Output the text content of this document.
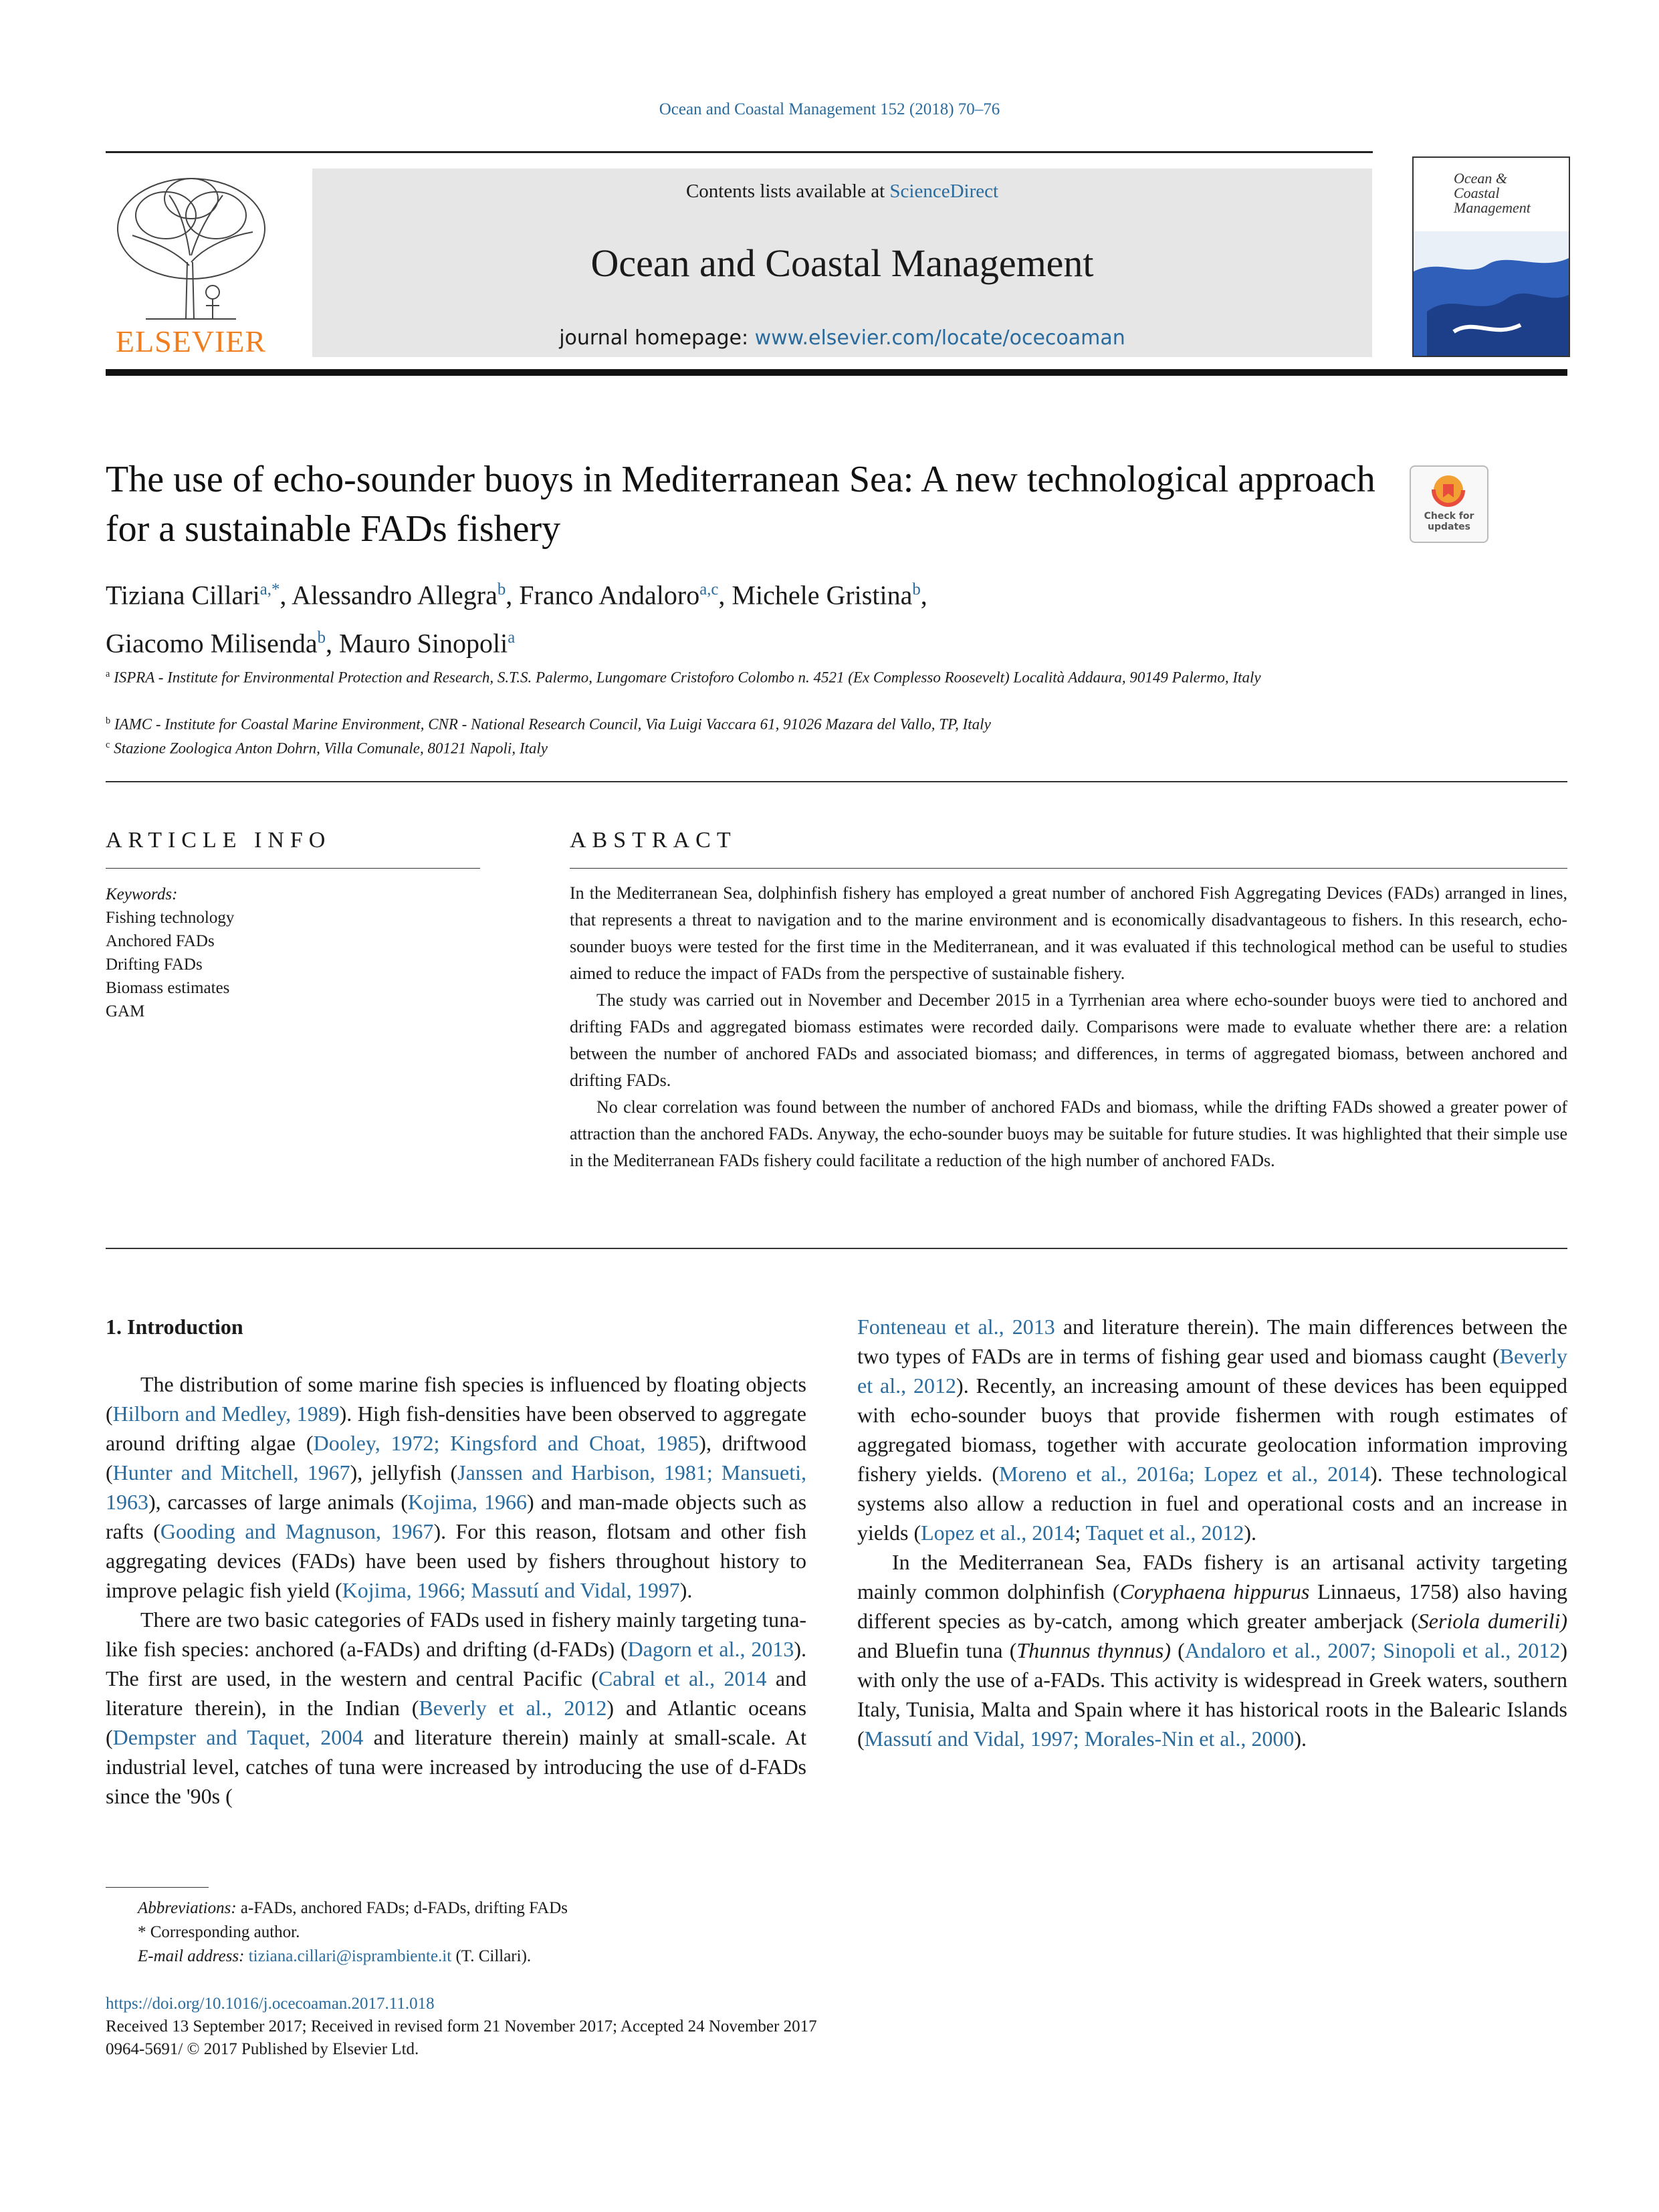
Ocean and Coastal Management 152 (2018) 70–76
ELSEVIER
Contents lists available at ScienceDirect
Ocean and Coastal Management
journal homepage: www.elsevier.com/locate/ocecoaman
Ocean &
Coastal
Management
The use of echo-sounder buoys in Mediterranean Sea: A new technological approach for a sustainable FADs fishery	Check for
updates
Tiziana Cillari$^{a,*}$, Alessandro Allegra$^b$, Franco Andaloro$^{a,c}$, Michele Gristina$^b$,
Giacomo Milisenda$^b$, Mauro Sinopoli$^a$
$^a$ ISPRA - Institute for Environmental Protection and Research, S.T.S. Palermo, Lungomare Cristoforo Colombo n. 4521 (Ex Complesso Roosevelt) Località Addaura, 90149 Palermo, Italy
$^b$ IAMC - Institute for Coastal Marine Environment, CNR - National Research Council, Via Luigi Vaccara 61, 91026 Mazara del Vallo, TP, Italy
$^c$ Stazione Zoologica Anton Dohrn, Villa Comunale, 80121 Napoli, Italy
ARTICLE INFO
Keywords:
Fishing technology
Anchored FADs
Drifting FADs
Biomass estimates
GAM
ABSTRACT

In the Mediterranean Sea, dolphinfish fishery has employed a great number of anchored Fish Aggregating Devices (FADs) arranged in lines, that represents a threat to navigation and to the marine environment and is economically disadvantageous to fishers. In this research, echo-sounder buoys were tested for the first time in the Mediterranean, and it was evaluated if this technological method can be useful to studies aimed to reduce the impact of FADs from the perspective of sustainable fishery.

The study was carried out in November and December 2015 in a Tyrrhenian area where echo-sounder buoys were tied to anchored and drifting FADs and aggregated biomass estimates were recorded daily. Comparisons were made to evaluate whether there are: a relation between the number of anchored FADs and associated biomass; and differences, in terms of aggregated biomass, between anchored and drifting FADs.

No clear correlation was found between the number of anchored FADs and biomass, while the drifting FADs showed a greater power of attraction than the anchored FADs. Anyway, the echo-sounder buoys may be suitable for future studies. It was highlighted that their simple use in the Mediterranean FADs fishery could facilitate a reduction of the high number of anchored FADs.

1. Introduction

The distribution of some marine fish species is influenced by floating objects (Hilborn and Medley, 1989). High fish-densities have been observed to aggregate around drifting algae (Dooley, 1972; Kingsford and Choat, 1985), driftwood (Hunter and Mitchell, 1967), jellyfish (Janssen and Harbison, 1981; Mansueti, 1963), carcasses of large animals (Kojima, 1966) and man-made objects such as rafts (Gooding and Magnuson, 1967). For this reason, flotsam and other fish aggregating devices (FADs) have been used by fishers throughout history to improve pelagic fish yield (Kojima, 1966; Massutí and Vidal, 1997).

There are two basic categories of FADs used in fishery mainly targeting tuna-like fish species: anchored (a-FADs) and drifting (d-FADs) (Dagorn et al., 2013). The first are used, in the western and central Pacific (Cabral et al., 2014 and literature therein), in the Indian (Beverly et al., 2012) and Atlantic oceans (Dempster and Taquet, 2004 and literature therein) mainly at small-scale. At industrial level, catches of tuna were increased by introducing the use of d-FADs since the '90s (

Fonteneau et al., 2013 and literature therein). The main differences between the two types of FADs are in terms of fishing gear used and biomass caught (Beverly et al., 2012). Recently, an increasing amount of these devices has been equipped with echo-sounder buoys that provide fishermen with rough estimates of aggregated biomass, together with accurate geolocation information improving fishery yields. (Moreno et al., 2016a; Lopez et al., 2014). These technological systems also allow a reduction in fuel and operational costs and an increase in yields (Lopez et al., 2014; Taquet et al., 2012).

In the Mediterranean Sea, FADs fishery is an artisanal activity targeting mainly common dolphinfish (Coryphaena hippurus Linnaeus, 1758) also having different species as by-catch, among which greater amberjack (Seriola dumerili) and Bluefin tuna (Thunnus thynnus) (Andaloro et al., 2007; Sinopoli et al., 2012) with only the use of a-FADs. This activity is widespread in Greek waters, southern Italy, Tunisia, Malta and Spain where it has historical roots in the Balearic Islands (Massutí and Vidal, 1997; Morales-Nin et al., 2000).

Abbreviations: a-FADs, anchored FADs; d-FADs, drifting FADs
* Corresponding author.
E-mail address: tiziana.cillari@isprambiente.it (T. Cillari).
https://doi.org/10.1016/j.ocecoaman.2017.11.018
Received 13 September 2017; Received in revised form 21 November 2017; Accepted 24 November 2017
0964-5691/ © 2017 Published by Elsevier Ltd.
